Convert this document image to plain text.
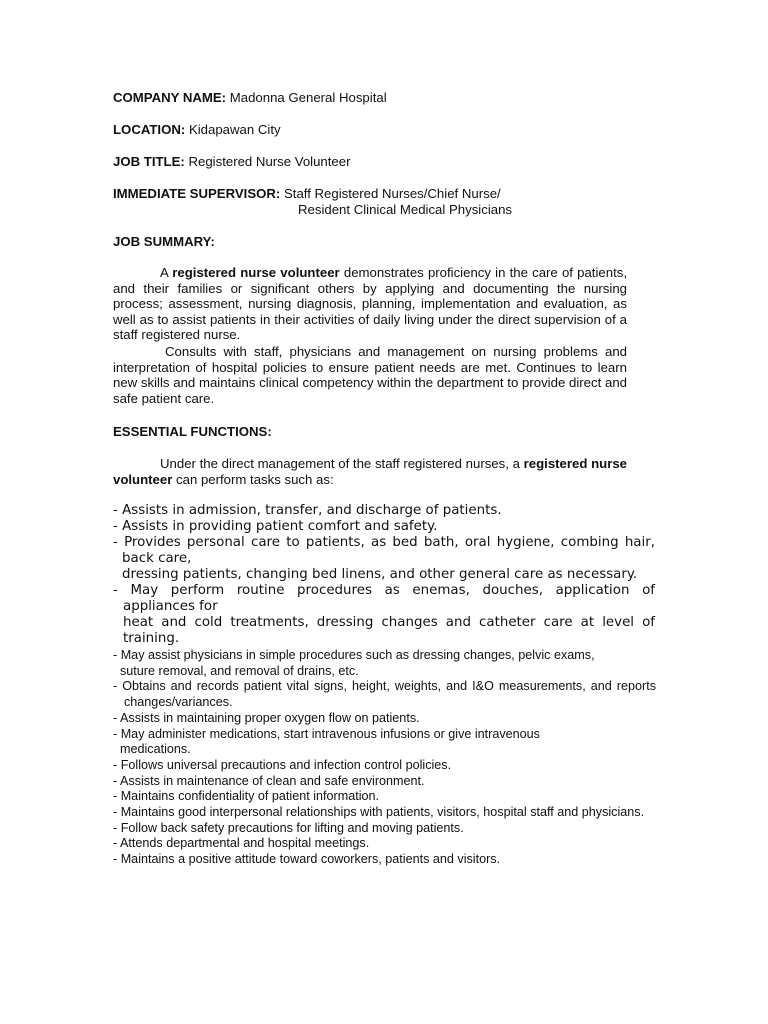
COMPANY NAME: Madonna General Hospital
LOCATION: Kidapawan City
JOB TITLE: Registered Nurse Volunteer
IMMEDIATE SUPERVISOR: Staff Registered Nurses/Chief Nurse/
Resident Clinical Medical Physicians
JOB SUMMARY:
A registered nurse volunteer demonstrates proficiency in the care of patients, and their families or significant others by applying and documenting the nursing process; assessment, nursing diagnosis, planning, implementation and evaluation, as well as to assist patients in their activities of daily living under the direct supervision of a staff registered nurse.
Consults with staff, physicians and management on nursing problems and interpretation of hospital policies to ensure patient needs are met. Continues to learn new skills and maintains clinical competency within the department to provide direct and safe patient care.
ESSENTIAL FUNCTIONS:
Under the direct management of the staff registered nurses, a registered nurse volunteer can perform tasks such as:
- Assists in admission, transfer, and discharge of patients.
- Assists in providing patient comfort and safety.
- Provides personal care to patients, as bed bath, oral hygiene, combing hair, back care,
dressing patients, changing bed linens, and other general care as necessary.
- May perform routine procedures as enemas, douches, application of appliances for
heat and cold treatments, dressing changes and catheter care at level of training.
- May assist physicians in simple procedures such as dressing changes, pelvic exams,
suture removal, and removal of drains, etc.
- Obtains and records patient vital signs, height, weights, and I&O measurements, and reports changes/variances.
- Assists in maintaining proper oxygen flow on patients.
- May administer medications, start intravenous infusions or give intravenous
medications.
- Follows universal precautions and infection control policies.
- Assists in maintenance of clean and safe environment.
- Maintains confidentiality of patient information.
- Maintains good interpersonal relationships with patients, visitors, hospital staff and physicians.
- Follow back safety precautions for lifting and moving patients.
- Attends departmental and hospital meetings.
- Maintains a positive attitude toward coworkers, patients and visitors.
